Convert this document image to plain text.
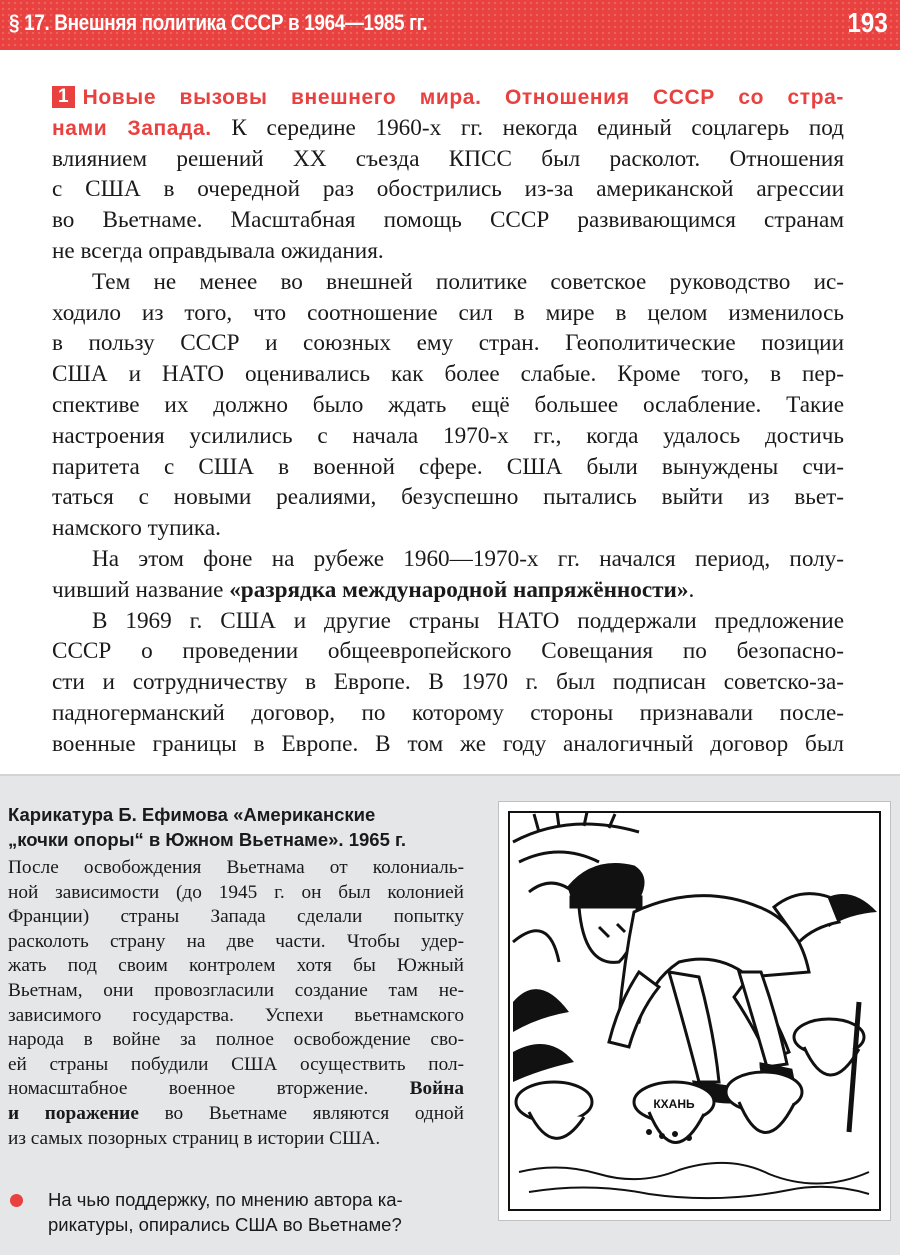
§ 17. Внешняя политика СССР в 1964—1985 гг.	193
1 Новые вызовы внешнего мира. Отношения СССР со стра-
нами Запада. К середине 1960-х гг. некогда единый соцлагерь под
влиянием решений XX съезда КПСС был расколот. Отношения
с США в очередной раз обострились из-за американской агрессии
во Вьетнаме. Масштабная помощь СССР развивающимся странам
не всегда оправдывала ожидания.
Тем не менее во внешней политике советское руководство ис-
ходило из того, что соотношение сил в мире в целом изменилось
в пользу СССР и союзных ему стран. Геополитические позиции
США и НАТО оценивались как более слабые. Кроме того, в пер-
спективе их должно было ждать ещё большее ослабление. Такие
настроения усилились с начала 1970-х гг., когда удалось достичь
паритета с США в военной сфере. США были вынуждены счи-
таться с новыми реалиями, безуспешно пытались выйти из вьет-
намского тупика.
На этом фоне на рубеже 1960—1970-х гг. начался период, полу-
чивший название «разрядка международной напряжённости».
В 1969 г. США и другие страны НАТО поддержали предложение
СССР о проведении общеевропейского Совещания по безопасно-
сти и сотрудничеству в Европе. В 1970 г. был подписан советско-за-
падногерманский договор, по которому стороны признавали после-
военные границы в Европе. В том же году аналогичный договор был
Карикатура Б. Ефимова «Американские
„кочки опоры“ в Южном Вьетнаме». 1965 г.
После освобождения Вьетнама от колониаль-
ной зависимости (до 1945 г. он был колонией
Франции) страны Запада сделали попытку
расколоть страну на две части. Чтобы удер-
жать под своим контролем хотя бы Южный
Вьетнам, они провозгласили создание там не-
зависимого государства. Успехи вьетнамского
народа в войне за полное освобождение сво-
ей страны побудили США осуществить пол-
номасштабное военное вторжение. Война
и поражение во Вьетнаме являются одной
из самых позорных страниц в истории США.
На чью поддержку, по мнению автора ка-
рикатуры, опирались США во Вьетнаме?
КХАНЬ
